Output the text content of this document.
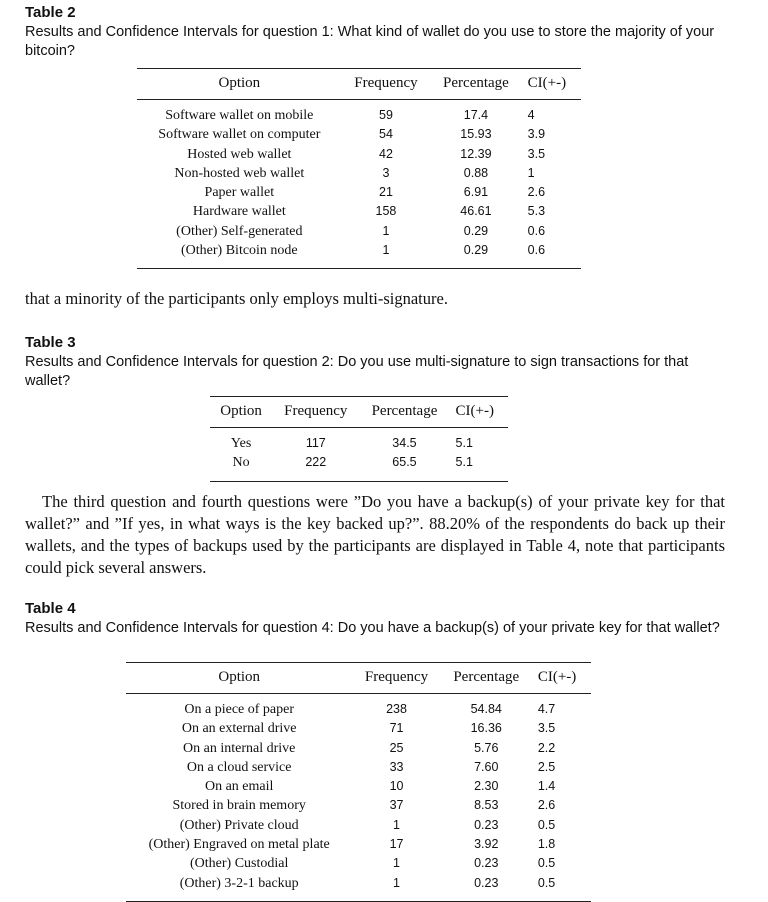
Table 2
Results and Confidence Intervals for question 1: What kind of wallet do you use to store the majority of your bitcoin?
Option	Frequency	Percentage	CI(+-)
Software wallet on mobile	59	17.4	4
Software wallet on computer	54	15.93	3.9
Hosted web wallet	42	12.39	3.5
Non-hosted web wallet	3	0.88	1
Paper wallet	21	6.91	2.6
Hardware wallet	158	46.61	5.3
(Other) Self-generated	1	0.29	0.6
(Other) Bitcoin node	1	0.29	0.6
that a minority of the participants only employs multi-signature.
Table 3
Results and Confidence Intervals for question 2: Do you use multi-signature to sign transactions for that wallet?
Option	Frequency	Percentage	CI(+-)
Yes	117	34.5	5.1
No	222	65.5	5.1
The third question and fourth questions were ”Do you have a backup(s) of your private key for that wallet?” and ”If yes, in what ways is the key backed up?”. 88.20% of the respondents do back up their wallets, and the types of backups used by the participants are displayed in Table 4, note that participants could pick several answers.
Table 4
Results and Confidence Intervals for question 4: Do you have a backup(s) of your private key for that wallet?
Option	Frequency	Percentage	CI(+-)
On a piece of paper	238	54.84	4.7
On an external drive	71	16.36	3.5
On an internal drive	25	5.76	2.2
On a cloud service	33	7.60	2.5
On an email	10	2.30	1.4
Stored in brain memory	37	8.53	2.6
(Other) Private cloud	1	0.23	0.5
(Other) Engraved on metal plate	17	3.92	1.8
(Other) Custodial	1	0.23	0.5
(Other) 3-2-1 backup	1	0.23	0.5
